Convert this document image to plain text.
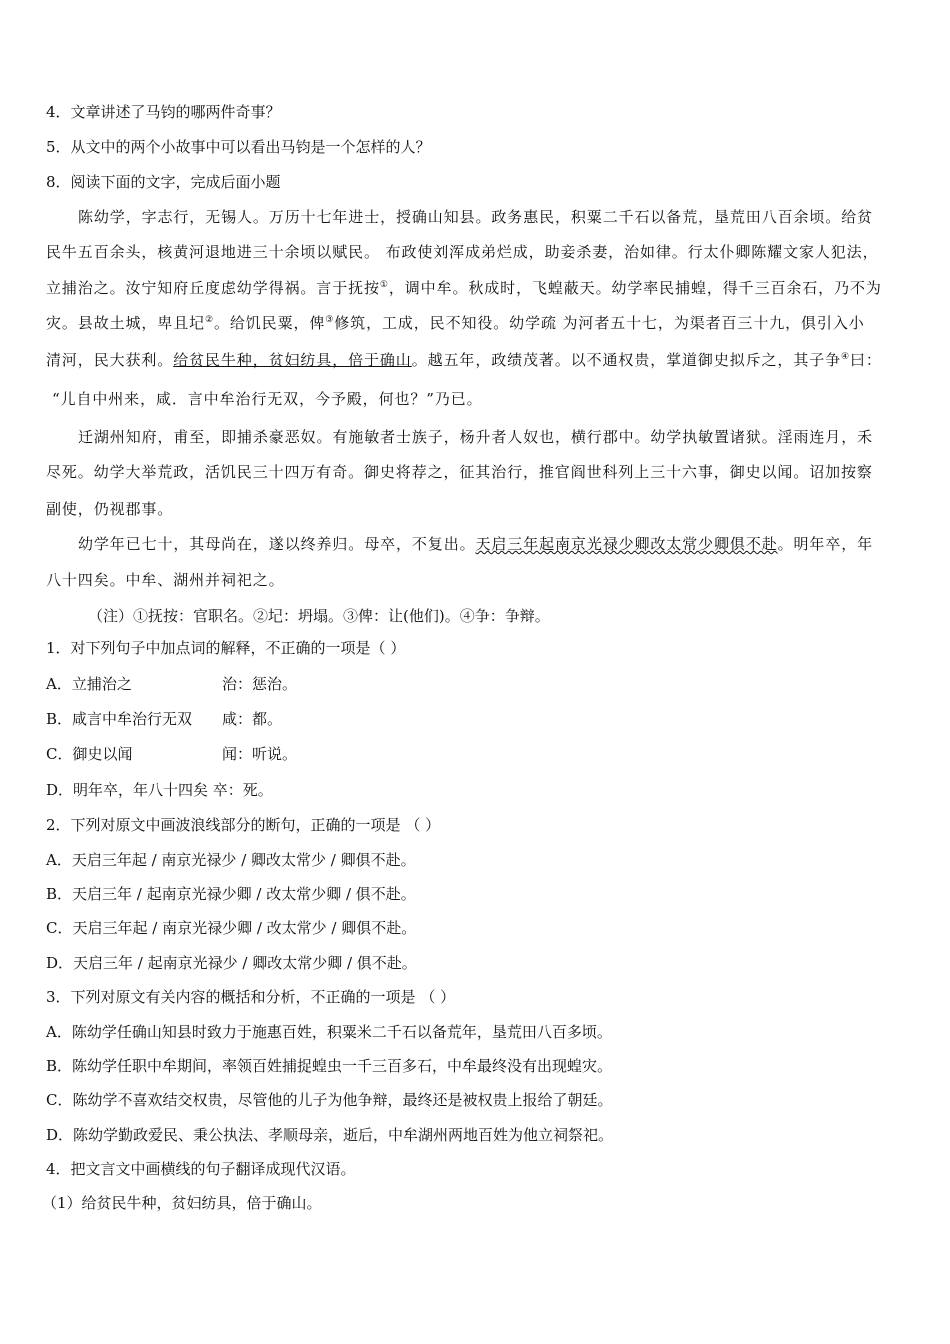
4．文章讲述了马钧的哪两件奇事？
5．从文中的两个小故事中可以看出马钧是一个怎样的人？
8．阅读下面的文字，完成后面小题
陈幼学，字志行，无锡人。万历十七年进士，授确山知县。政务惠民，积粟二千石以备荒，垦荒田八百余顷。给贫
民牛五百余头，核黄河退地进三十余顷以赋民。 布政使刘浑成弟烂成，助妾杀妻，治如律。行太仆卿陈耀文家人犯法，
立捕治之。汝宁知府丘度虑幼学得祸。言于抚按①，调中牟。秋成时，飞蝗蔽天。幼学率民捕蝗，得千三百余石，乃不为
灾。县故土城，卑且圮②。给饥民粟，俾③修筑，工成，民不知役。幼学疏 为河者五十七，为渠者百三十九，俱引入小
清河，民大获利。给贫民牛种，贫妇纺具，倍于确山。越五年，政绩茂著。以不通权贵，掌道御史拟斥之，其子争④曰：
“儿自中州来，咸．言中牟治行无双，今予殿，何也？”乃已。
迁湖州知府，甫至，即捕杀豪恶奴。有施敏者士族子，杨升者人奴也，横行郡中。幼学执敏置诸狱。淫雨连月，禾
尽死。幼学大举荒政，活饥民三十四万有奇。御史将荐之，征其治行，推官阎世科列上三十六事，御史以闻。诏加按察
副使，仍视郡事。
幼学年已七十，其母尚在，遂以终养归。母卒，不复出。天启三年起南京光禄少卿改太常少卿俱不赴。明年卒，年
八十四矣。中牟、湖州并祠祀之。
（注）①抚按：官职名。②圮：坍塌。③俾：让(他们)。④争：争辩。
1．对下列句子中加点词的解释，不正确的一项是（ ）
A．立捕治之	治：惩治。
B．咸言中牟治行无双 咸：都。
C．御史以闻	闻：听说。
D．明年卒，年八十四矣 卒：死。
2．下列对原文中画波浪线部分的断句，正确的一项是 （ ）
A．天启三年起 / 南京光禄少 / 卿改太常少 / 卿俱不赴。
B．天启三年 / 起南京光禄少卿 / 改太常少卿 / 俱不赴。
C．天启三年起 / 南京光禄少卿 / 改太常少 / 卿俱不赴。
D．天启三年 / 起南京光禄少 / 卿改太常少卿 / 俱不赴。
3．下列对原文有关内容的概括和分析，不正确的一项是 （ ）
A．陈幼学任确山知县时致力于施惠百姓，积粟米二千石以备荒年，垦荒田八百多顷。
B．陈幼学任职中牟期间，率领百姓捕捉蝗虫一千三百多石，中牟最终没有出现蝗灾。
C．陈幼学不喜欢结交权贵，尽管他的儿子为他争辩，最终还是被权贵上报给了朝廷。
D．陈幼学勤政爱民、秉公执法、孝顺母亲，逝后，中牟湖州两地百姓为他立祠祭祀。
4．把文言文中画横线的句子翻译成现代汉语。
（1）给贫民牛种，贫妇纺具，倍于确山。
